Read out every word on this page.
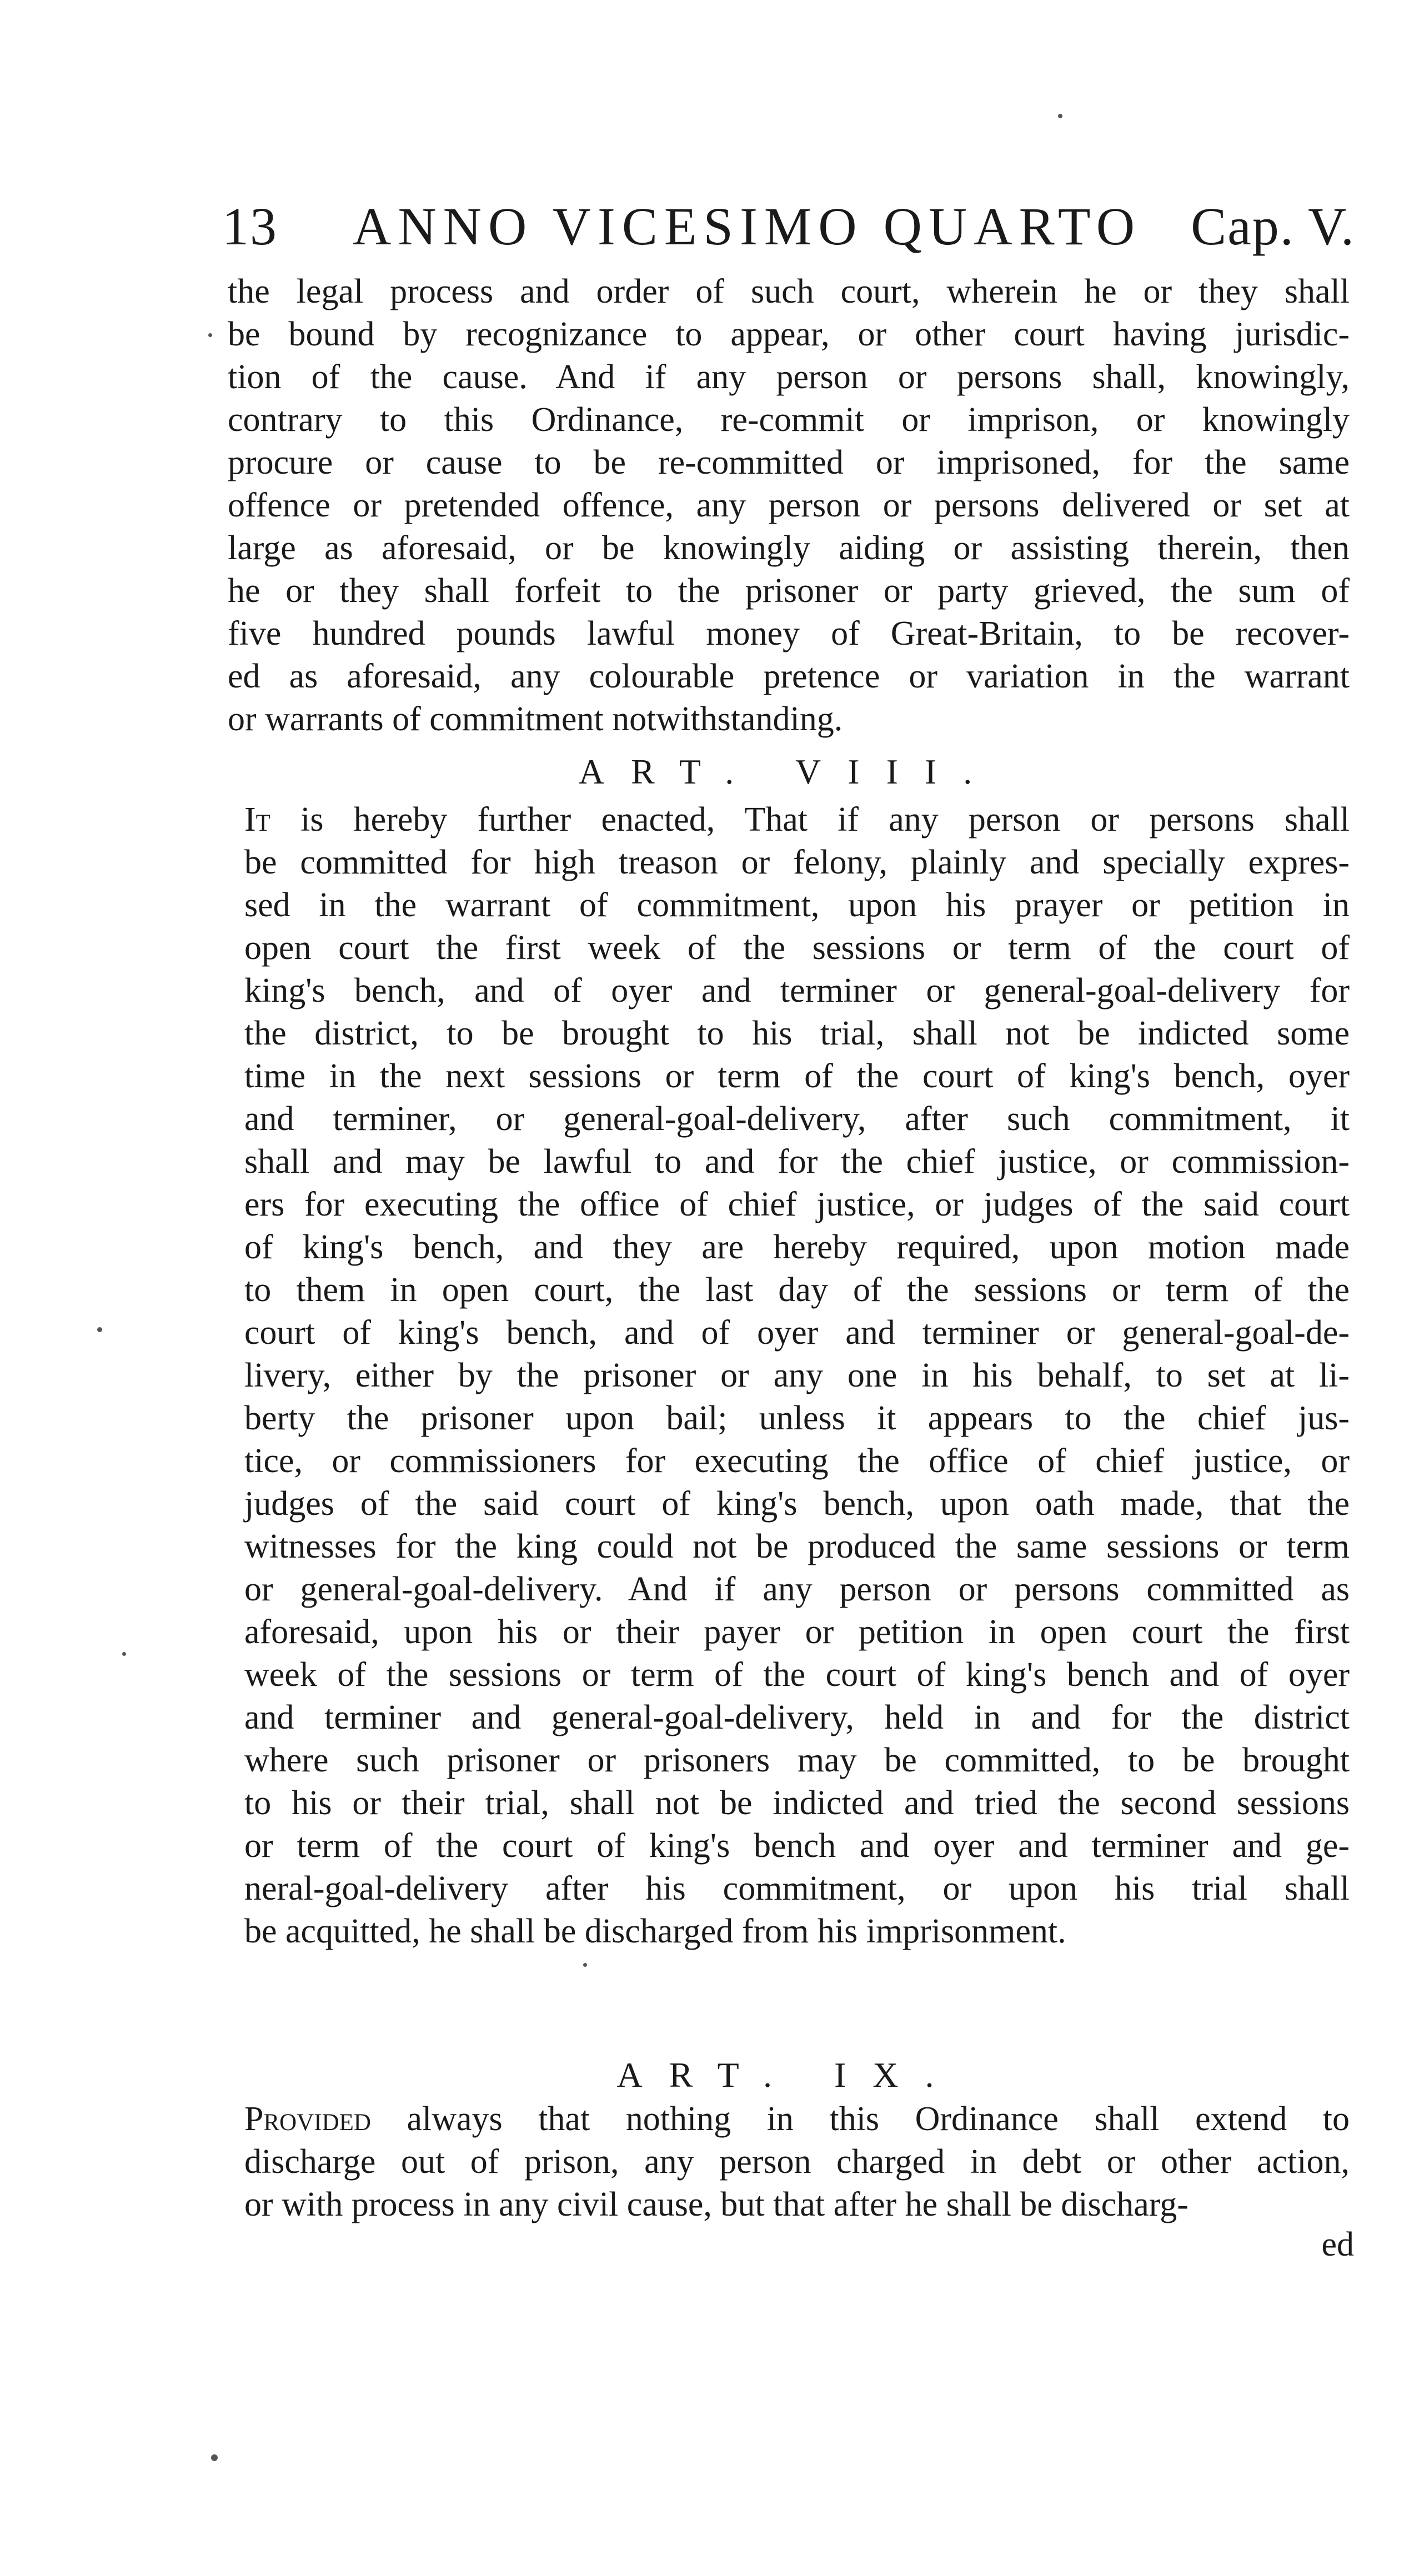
13 ANNO VICESIMO QUARTO Cap. V.
the legal process and order of such court, wherein he or they shall
be bound by recognizance to appear, or other court having jurisdic-
tion of the cause. And if any person or persons shall, knowingly,
contrary to this Ordinance, re-commit or imprison, or knowingly
procure or cause to be re-committed or imprisoned, for the same
offence or pretended offence, any person or persons delivered or set at
large as aforesaid, or be knowingly aiding or assisting therein, then
he or they shall forfeit to the prisoner or party grieved, the sum of
five hundred pounds lawful money of Great-Britain, to be recover-
ed as aforesaid, any colourable pretence or variation in the warrant
or warrants of commitment notwithstanding.
ART. VIII.
It is hereby further enacted, That if any person or persons shall
be committed for high treason or felony, plainly and specially expres-
sed in the warrant of commitment, upon his prayer or petition in
open court the first week of the sessions or term of the court of
king's bench, and of oyer and terminer or general-goal-delivery for
the district, to be brought to his trial, shall not be indicted some
time in the next sessions or term of the court of king's bench, oyer
and terminer, or general-goal-delivery, after such commitment, it
shall and may be lawful to and for the chief justice, or commission-
ers for executing the office of chief justice, or judges of the said court
of king's bench, and they are hereby required, upon motion made
to them in open court, the last day of the sessions or term of the
court of king's bench, and of oyer and terminer or general-goal-de-
livery, either by the prisoner or any one in his behalf, to set at li-
berty the prisoner upon bail; unless it appears to the chief jus-
tice, or commissioners for executing the office of chief justice, or
judges of the said court of king's bench, upon oath made, that the
witnesses for the king could not be produced the same sessions or term
or general-goal-delivery. And if any person or persons committed as
aforesaid, upon his or their payer or petition in open court the first
week of the sessions or term of the court of king's bench and of oyer
and terminer and general-goal-delivery, held in and for the district
where such prisoner or prisoners may be committed, to be brought
to his or their trial, shall not be indicted and tried the second sessions
or term of the court of king's bench and oyer and terminer and ge-
neral-goal-delivery after his commitment, or upon his trial shall
be acquitted, he shall be discharged from his imprisonment.
ART. IX.
Provided always that nothing in this Ordinance shall extend to
discharge out of prison, any person charged in debt or other action,
or with process in any civil cause, but that after he shall be discharg-
ed
